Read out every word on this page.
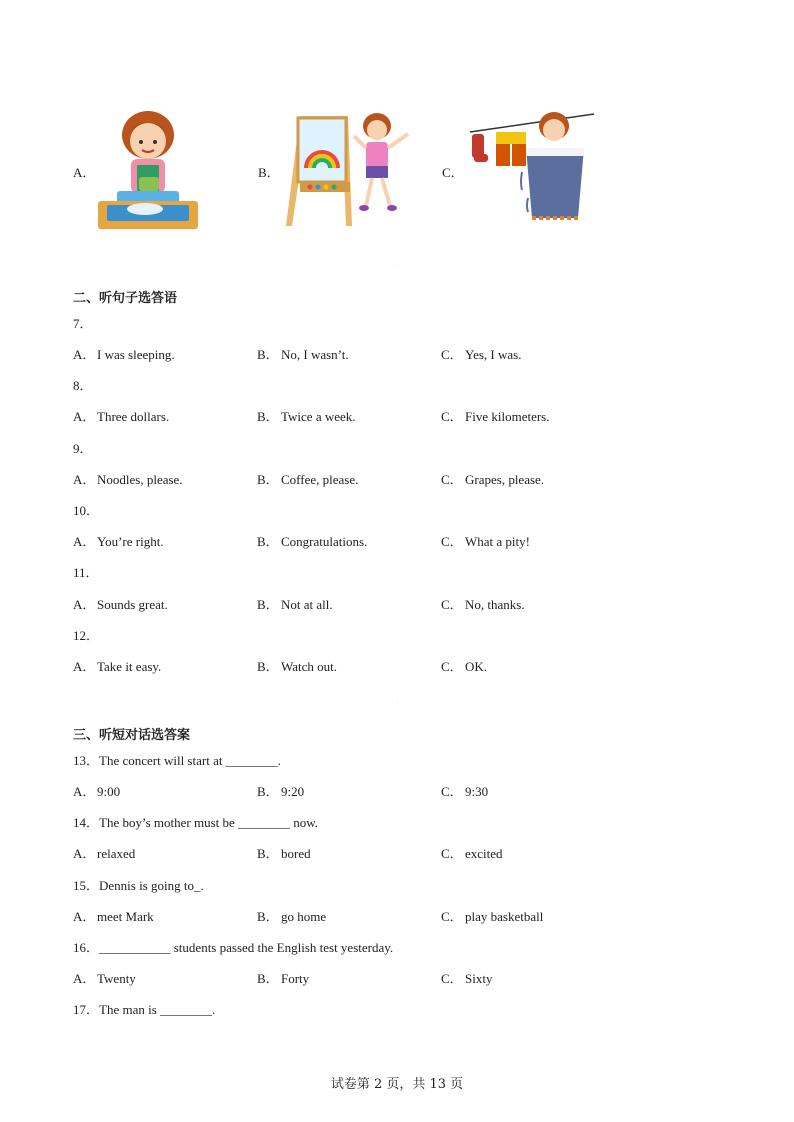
A．	B．	C．
·
二、听句子选答语
7．
A． I was sleeping.	B． No, I wasn’t.	C． Yes, I was.
8．
A． Three dollars.	B． Twice a week.	C． Five kilometers.
9．
A． Noodles, please.	B． Coffee, please.	C． Grapes, please.
10．
A． You’re right.	B． Congratulations.	C． What a pity!
11．
A． Sounds great.	B． Not at all.	C． No, thanks.
12．
A． Take it easy.	B． Watch out.	C． OK.
·
三、听短对话选答案
13．The concert will start at ________.
A． 9:00	B． 9:20	C． 9:30
14．The boy’s mother must be ________ now.
A． relaxed	B． bored	C． excited
15．Dennis is going to_.
A． meet Mark	B． go home	C． play basketball
16．___________ students passed the English test yesterday.
A． Twenty	B． Forty	C． Sixty
17．The man is ________.
试卷第 2 页，共 13 页
